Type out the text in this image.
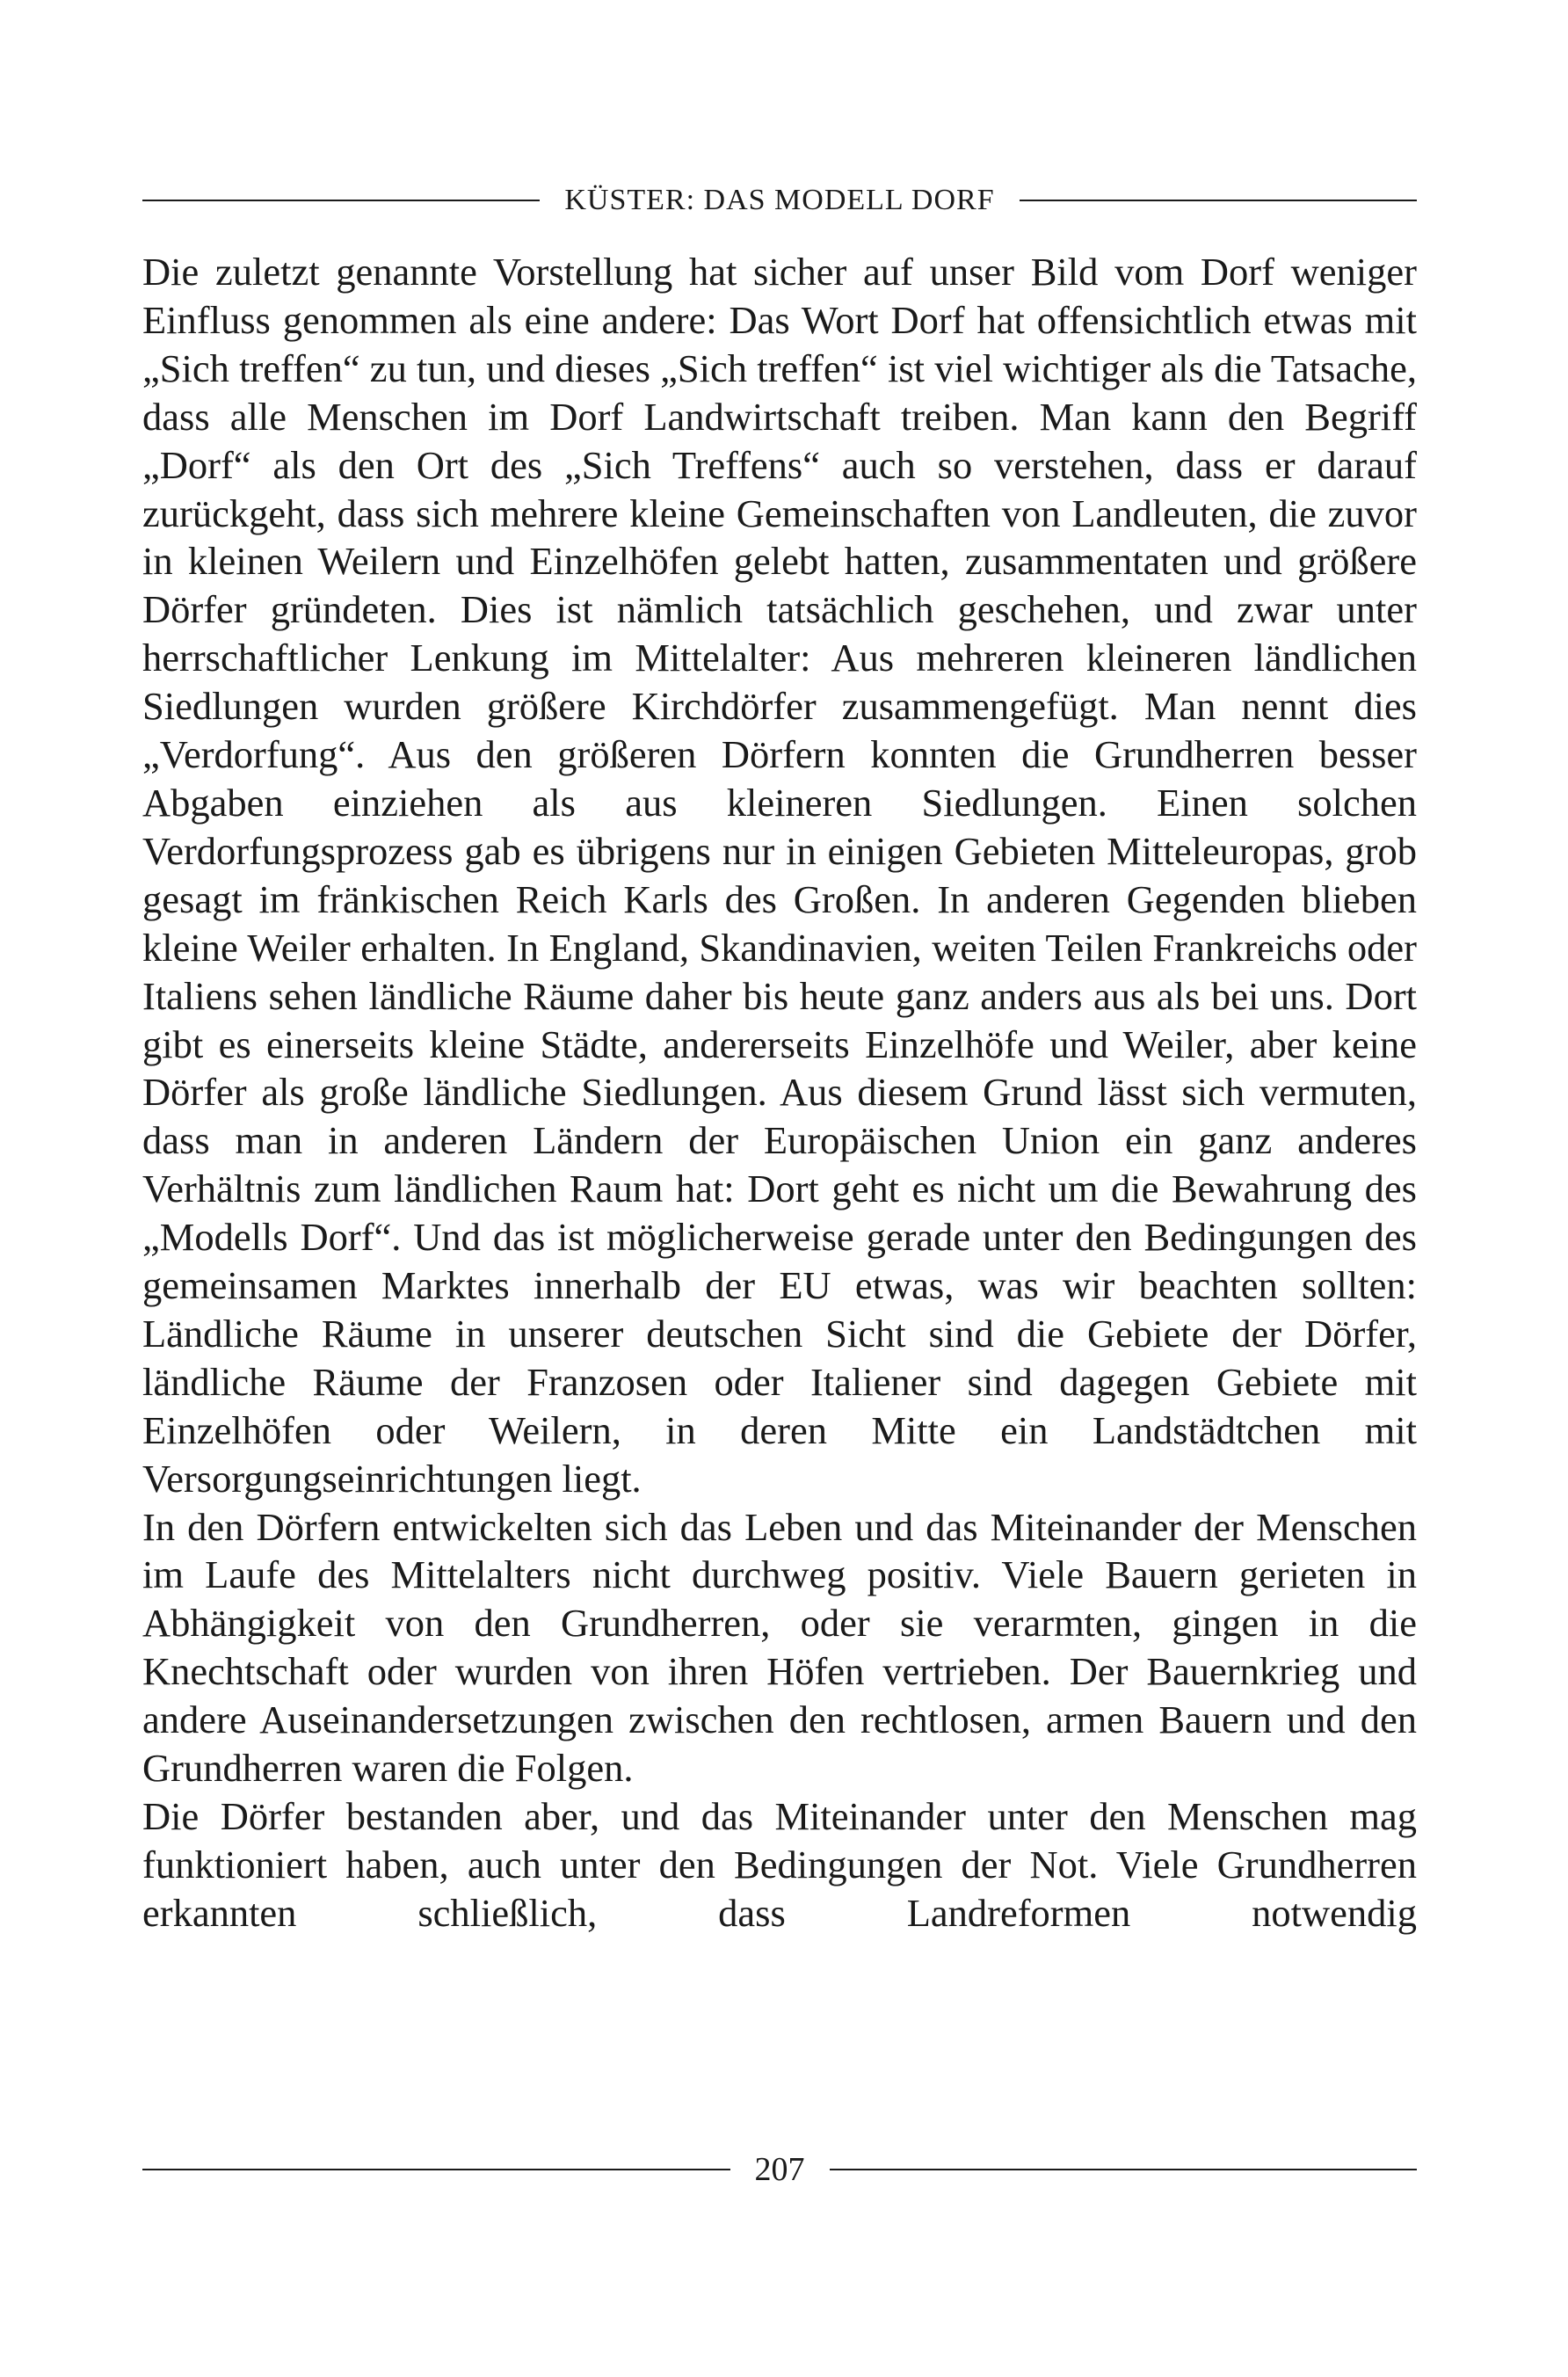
KÜSTER: DAS MODELL DORF

Die zuletzt genannte Vorstellung hat sicher auf unser Bild vom Dorf weniger Einfluss genommen als eine andere: Das Wort Dorf hat offensichtlich etwas mit „Sich treffen“ zu tun, und dieses „Sich treffen“ ist viel wichtiger als die Tatsache, dass alle Menschen im Dorf Landwirtschaft treiben. Man kann den Begriff „Dorf“ als den Ort des „Sich Treffens“ auch so verstehen, dass er darauf zurückgeht, dass sich mehrere kleine Gemeinschaften von Landleuten, die zuvor in kleinen Weilern und Einzelhöfen gelebt hatten, zusammentaten und größere Dörfer gründeten. Dies ist nämlich tatsächlich geschehen, und zwar unter herrschaftlicher Lenkung im Mittelalter: Aus mehreren kleineren ländlichen Siedlungen wurden größere Kirchdörfer zusammengefügt. Man nennt dies „Verdorfung“. Aus den größeren Dörfern konnten die Grundherren besser Abgaben einziehen als aus kleineren Siedlungen. Einen solchen Verdorfungsprozess gab es übrigens nur in einigen Gebieten Mitteleuropas, grob gesagt im fränkischen Reich Karls des Großen. In anderen Gegenden blieben kleine Weiler erhalten. In England, Skandinavien, weiten Teilen Frankreichs oder Italiens sehen ländliche Räume daher bis heute ganz anders aus als bei uns. Dort gibt es einerseits kleine Städte, andererseits Einzelhöfe und Weiler, aber keine Dörfer als große ländliche Siedlungen. Aus diesem Grund lässt sich vermuten, dass man in anderen Ländern der Europäischen Union ein ganz anderes Verhältnis zum ländlichen Raum hat: Dort geht es nicht um die Bewahrung des „Modells Dorf“. Und das ist möglicherweise gerade unter den Bedingungen des gemeinsamen Marktes innerhalb der EU etwas, was wir beachten sollten: Ländliche Räume in unserer deutschen Sicht sind die Gebiete der Dörfer, ländliche Räume der Franzosen oder Italiener sind dagegen Gebiete mit Einzelhöfen oder Weilern, in deren Mitte ein Landstädtchen mit Versorgungseinrichtungen liegt.

In den Dörfern entwickelten sich das Leben und das Miteinander der Menschen im Laufe des Mittelalters nicht durchweg positiv. Viele Bauern gerieten in Abhängigkeit von den Grundherren, oder sie verarmten, gingen in die Knechtschaft oder wurden von ihren Höfen vertrieben. Der Bauernkrieg und andere Auseinandersetzungen zwischen den rechtlosen, armen Bauern und den Grundherren waren die Folgen.

Die Dörfer bestanden aber, und das Miteinander unter den Menschen mag funktioniert haben, auch unter den Bedingungen der Not. Viele Grundherren erkannten schließlich, dass Landreformen notwendig

207
